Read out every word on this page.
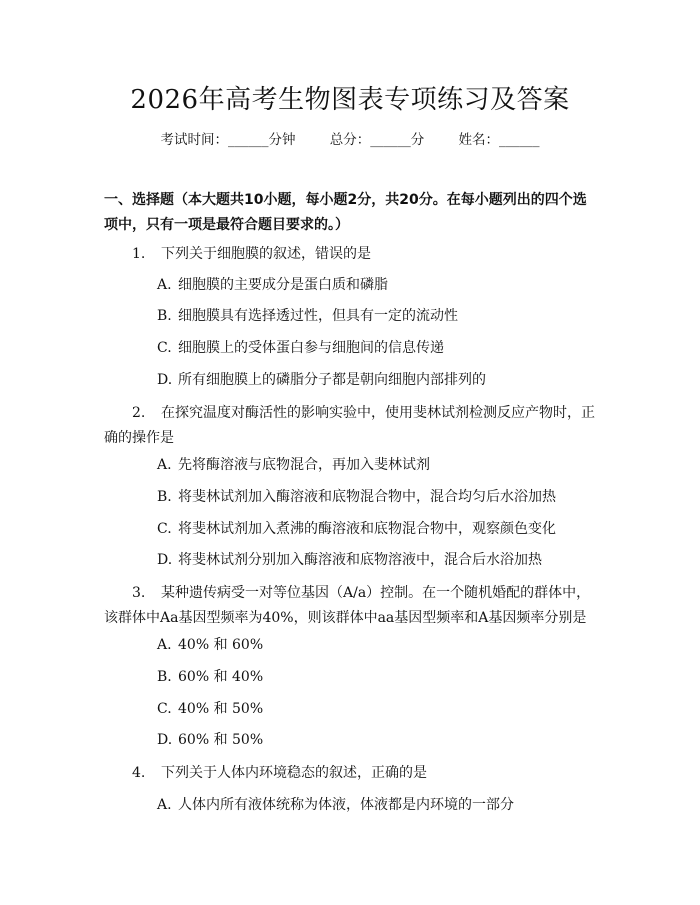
2026年高考生物图表专项练习及答案
考试时间：______分钟	总分：______分	姓名：______
一、选择题（本大题共10小题，每小题2分，共20分。在每小题列出的四个选项中，只有一项是最符合题目要求的。）
1. 下列关于细胞膜的叙述，错误的是
A. 细胞膜的主要成分是蛋白质和磷脂
B. 细胞膜具有选择透过性，但具有一定的流动性
C. 细胞膜上的受体蛋白参与细胞间的信息传递
D. 所有细胞膜上的磷脂分子都是朝向细胞内部排列的
2. 在探究温度对酶活性的影响实验中，使用斐林试剂检测反应产物时，正确的操作是
A. 先将酶溶液与底物混合，再加入斐林试剂
B. 将斐林试剂加入酶溶液和底物混合物中，混合均匀后水浴加热
C. 将斐林试剂加入煮沸的酶溶液和底物混合物中，观察颜色变化
D. 将斐林试剂分别加入酶溶液和底物溶液中，混合后水浴加热
3. 某种遗传病受一对等位基因（A/a）控制。在一个随机婚配的群体中，该群体中Aa基因型频率为40%，则该群体中aa基因型频率和A基因频率分别是
A. 40% 和 60%
B. 60% 和 40%
C. 40% 和 50%
D. 60% 和 50%
4. 下列关于人体内环境稳态的叙述，正确的是
A. 人体内所有液体统称为体液，体液都是内环境的一部分
